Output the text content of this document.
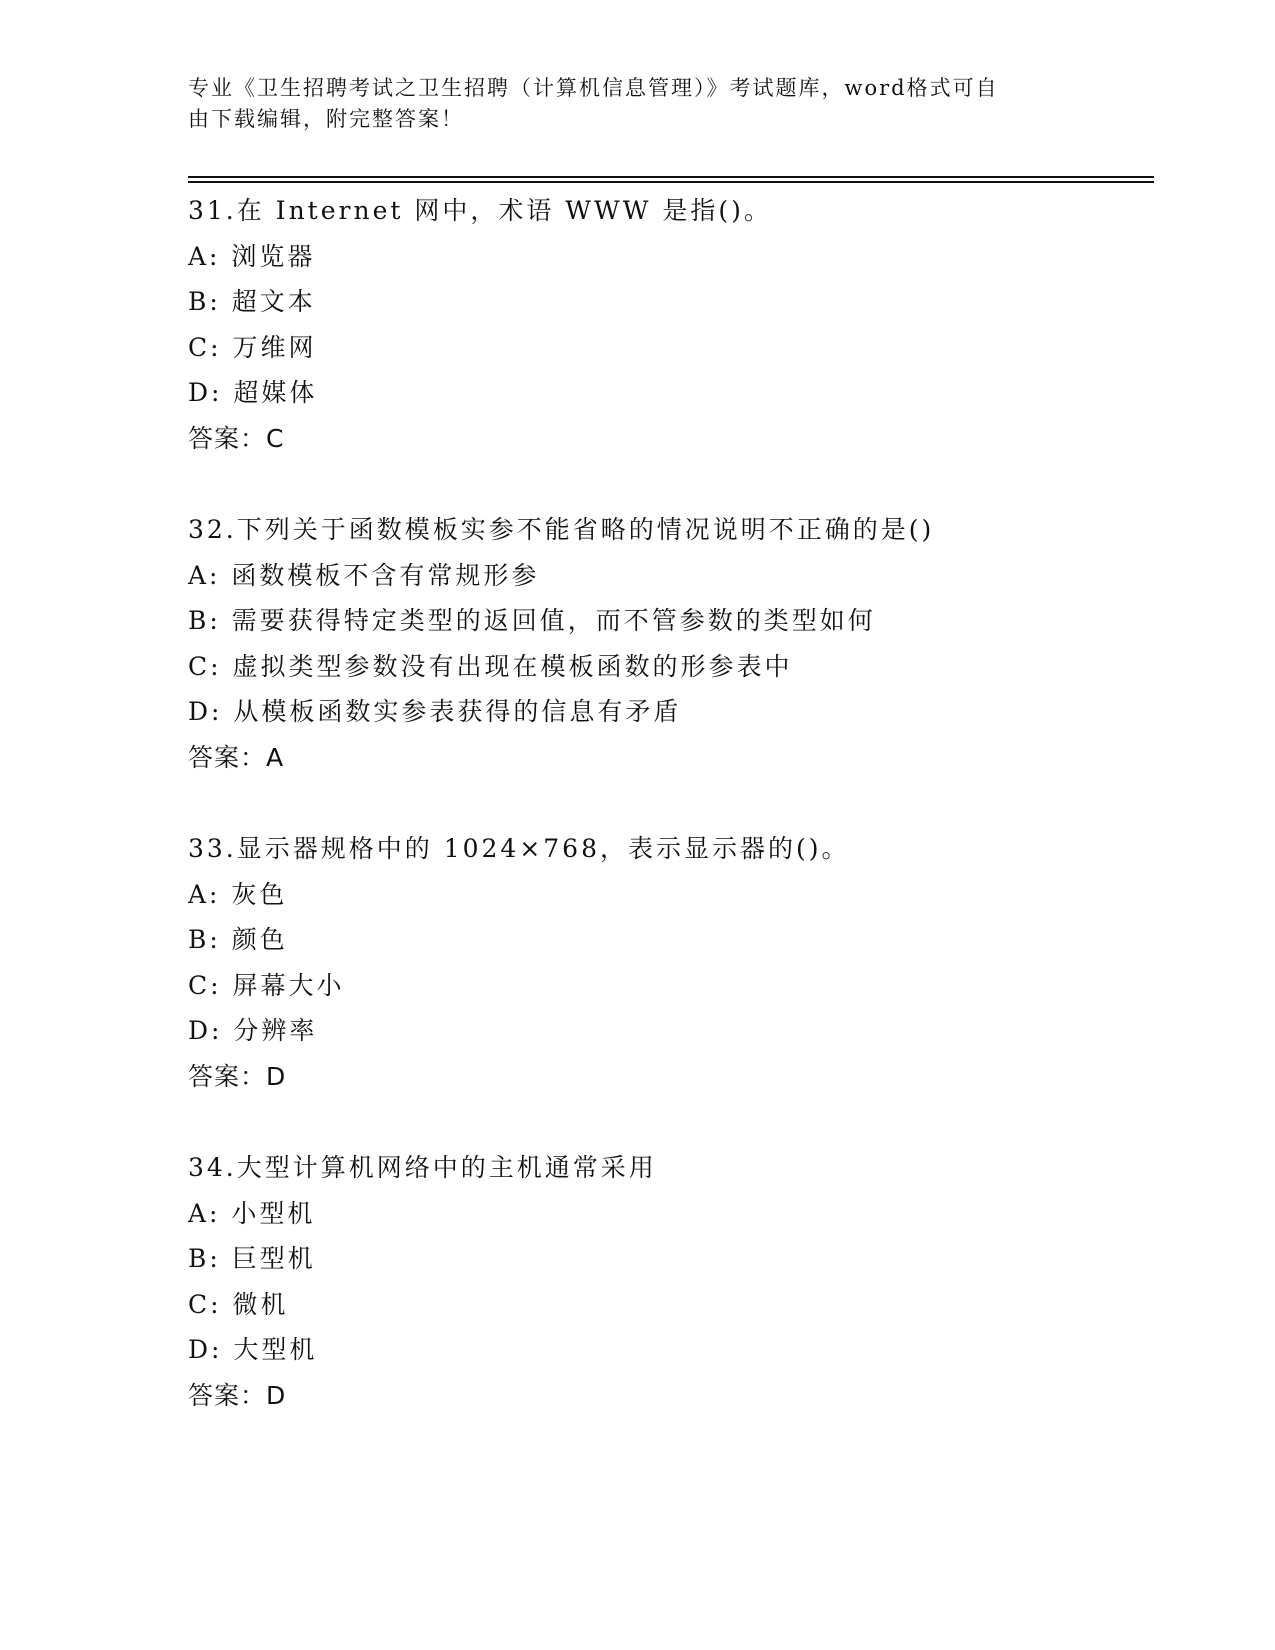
专业《卫生招聘考试之卫生招聘（计算机信息管理）》考试题库，word格式可自
由下载编辑，附完整答案！
31.在 Internet 网中，术语 WWW 是指()。
A: 浏览器
B: 超文本
C: 万维网
D: 超媒体
答案：C
32.下列关于函数模板实参不能省略的情况说明不正确的是()
A: 函数模板不含有常规形参
B: 需要获得特定类型的返回值，而不管参数的类型如何
C: 虚拟类型参数没有出现在模板函数的形参表中
D: 从模板函数实参表获得的信息有矛盾
答案：A
33.显示器规格中的 1024×768，表示显示器的()。
A: 灰色
B: 颜色
C: 屏幕大小
D: 分辨率
答案：D
34.大型计算机网络中的主机通常采用
A: 小型机
B: 巨型机
C: 微机
D: 大型机
答案：D
